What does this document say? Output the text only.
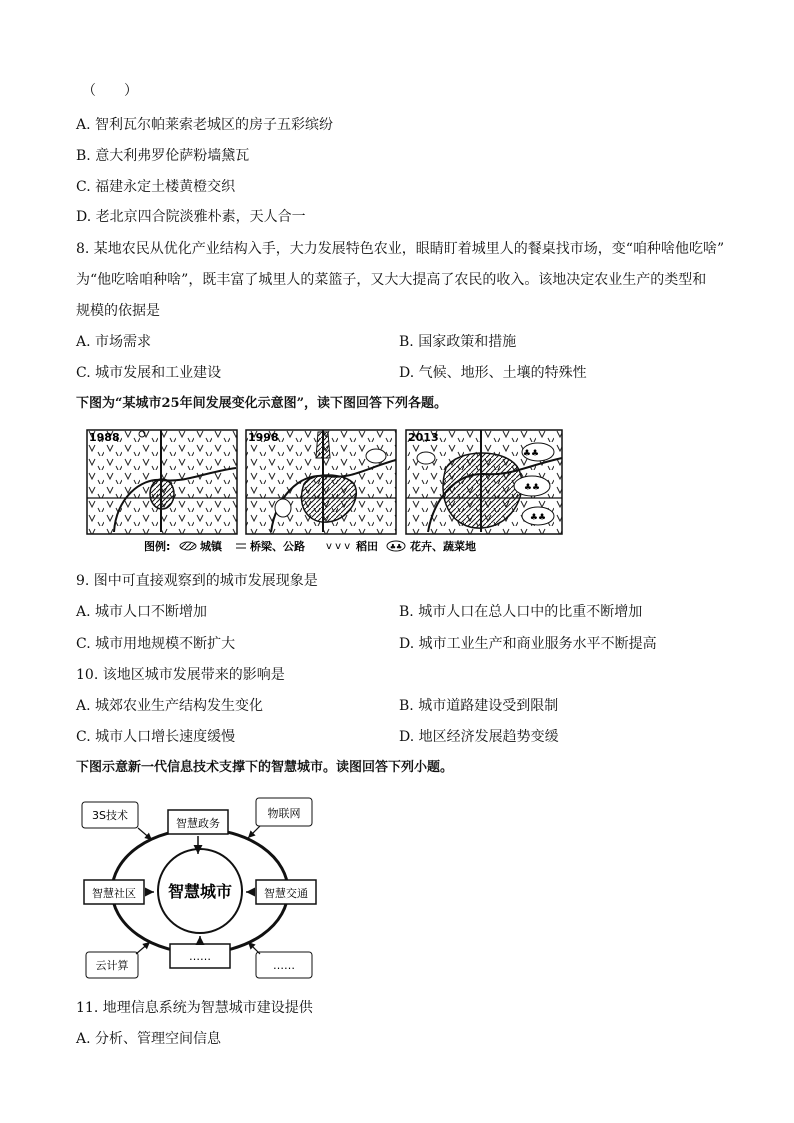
（　　）
A. 智利瓦尔帕莱索老城区的房子五彩缤纷
B. 意大利弗罗伦萨粉墙黛瓦
C. 福建永定土楼黄橙交织
D. 老北京四合院淡雅朴素，天人合一
8. 某地农民从优化产业结构入手，大力发展特色农业，眼睛盯着城里人的餐桌找市场，变“咱种啥他吃啥”
为“他吃啥咱种啥”，既丰富了城里人的菜篮子，又大大提高了农民的收入。该地决定农业生产的类型和
规模的依据是
A. 市场需求	B. 国家政策和措施
C. 城市发展和工业建设	D. 气候、地形、土壤的特殊性
下图为“某城市25年间发展变化示意图”，读下图回答下列各题。
1988	1998
♣♣
♣♣
♣♣
2013
图例:	城镇	桥梁、公路 v v v 稻田 ♣♣ 花卉、蔬菜地
9. 图中可直接观察到的城市发展现象是
A. 城市人口不断增加	B. 城市人口在总人口中的比重不断增加
C. 城市用地规模不断扩大	D. 城市工业生产和商业服务水平不断提高
10. 该地区城市发展带来的影响是
A. 城郊农业生产结构发生变化	B. 城市道路建设受到限制
C. 城市人口增长速度缓慢	D. 地区经济发展趋势变缓
下图示意新一代信息技术支撑下的智慧城市。读图回答下列小题。
智慧城市
智慧政务
智慧社区	智慧交通
……
3S技术	物联网
云计算	……
11. 地理信息系统为智慧城市建设提供
A. 分析、管理空间信息
